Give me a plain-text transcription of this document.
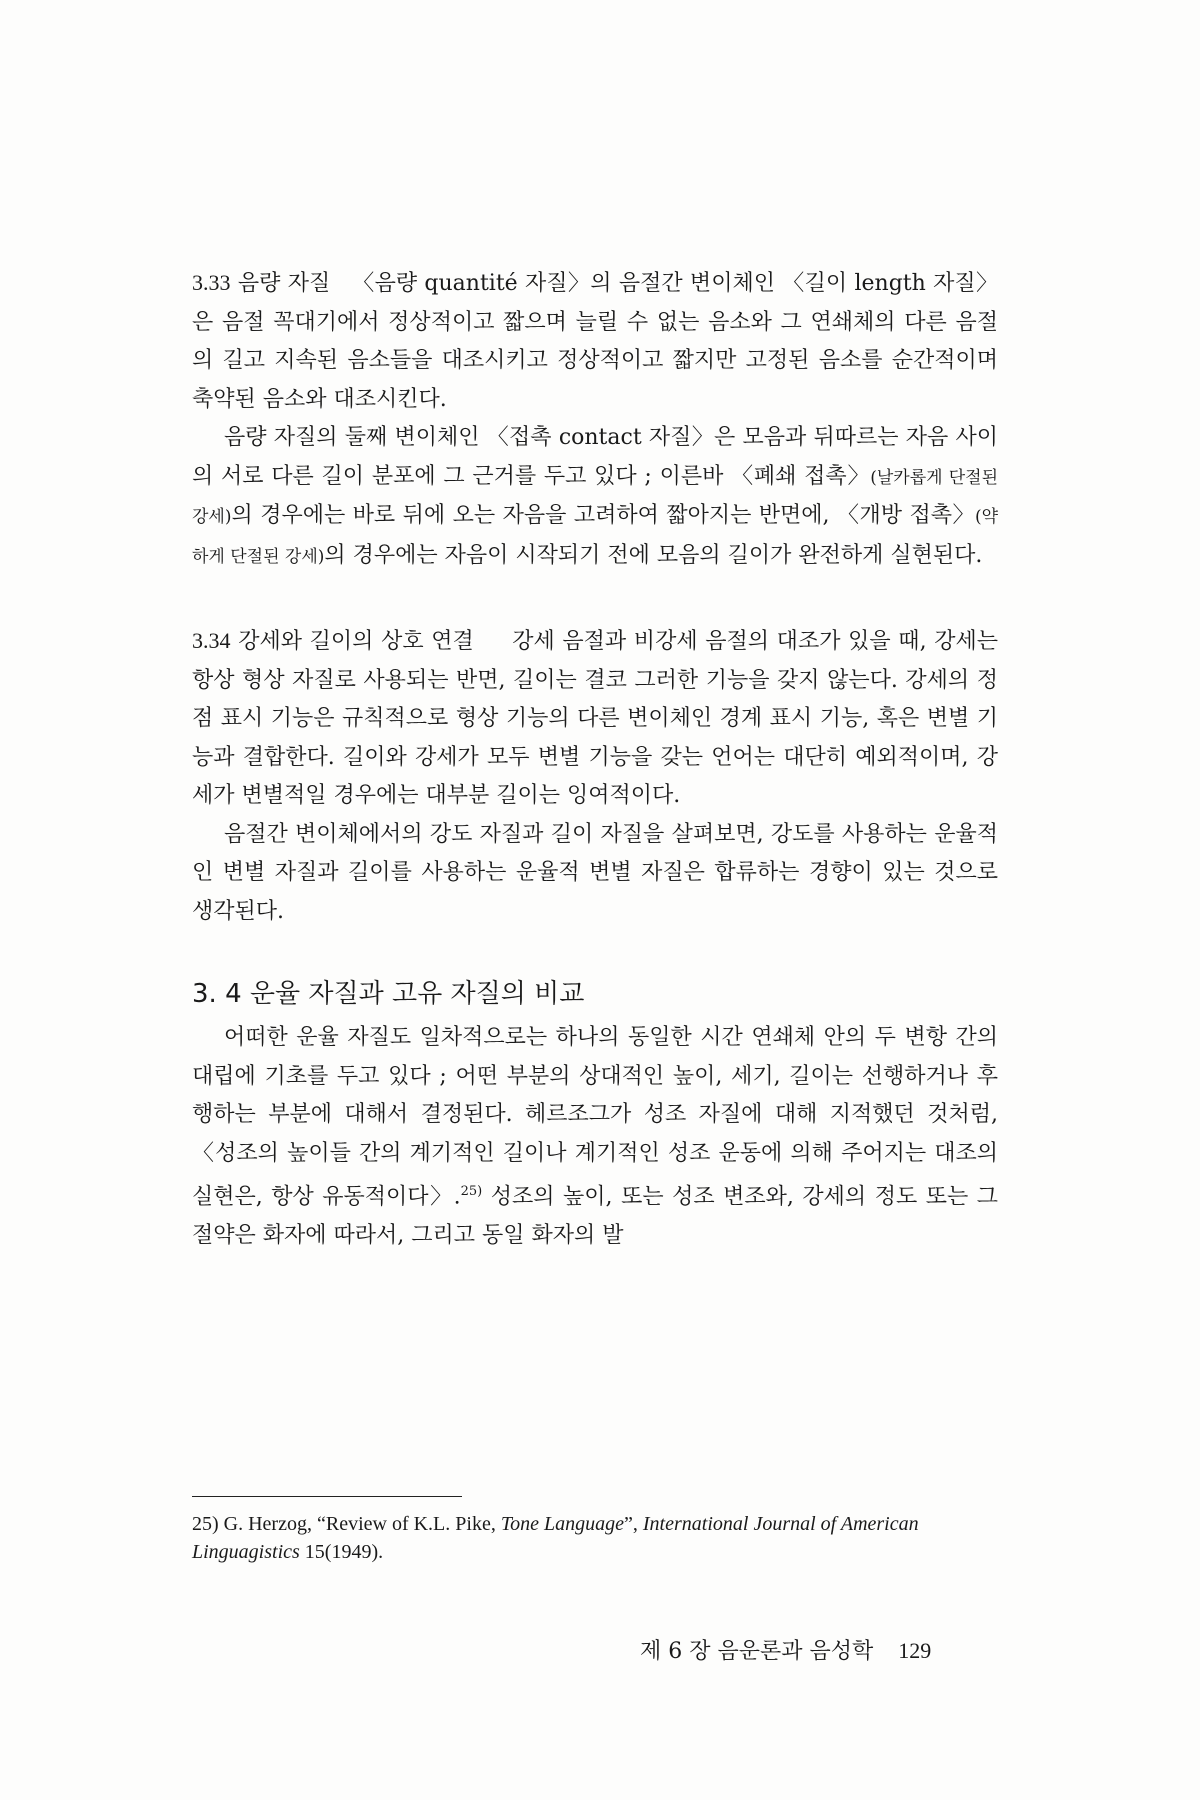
3.33 음량 자질 〈음량 quantité 자질〉의 음절간 변이체인 〈길이 length 자질〉은 음절 꼭대기에서 정상적이고 짧으며 늘릴 수 없는 음소와 그 연쇄체의 다른 음절의 길고 지속된 음소들을 대조시키고 정상적이고 짧지만 고정된 음소를 순간적이며 축약된 음소와 대조시킨다.

음량 자질의 둘째 변이체인 〈접촉 contact 자질〉은 모음과 뒤따르는 자음 사이의 서로 다른 길이 분포에 그 근거를 두고 있다 ; 이른바 〈폐쇄 접촉〉(날카롭게 단절된 강세)의 경우에는 바로 뒤에 오는 자음을 고려하여 짧아지는 반면에, 〈개방 접촉〉(약하게 단절된 강세)의 경우에는 자음이 시작되기 전에 모음의 길이가 완전하게 실현된다.

3.34 강세와 길이의 상호 연결 강세 음절과 비강세 음절의 대조가 있을 때, 강세는 항상 형상 자질로 사용되는 반면, 길이는 결코 그러한 기능을 갖지 않는다. 강세의 정점 표시 기능은 규칙적으로 형상 기능의 다른 변이체인 경계 표시 기능, 혹은 변별 기능과 결합한다. 길이와 강세가 모두 변별 기능을 갖는 언어는 대단히 예외적이며, 강세가 변별적일 경우에는 대부분 길이는 잉여적이다.

음절간 변이체에서의 강도 자질과 길이 자질을 살펴보면, 강도를 사용하는 운율적인 변별 자질과 길이를 사용하는 운율적 변별 자질은 합류하는 경향이 있는 것으로 생각된다.

3. 4 운율 자질과 고유 자질의 비교

어떠한 운율 자질도 일차적으로는 하나의 동일한 시간 연쇄체 안의 두 변항 간의 대립에 기초를 두고 있다 ; 어떤 부분의 상대적인 높이, 세기, 길이는 선행하거나 후행하는 부분에 대해서 결정된다. 헤르조그가 성조 자질에 대해 지적했던 것처럼, 〈성조의 높이들 간의 계기적인 길이나 계기적인 성조 운동에 의해 주어지는 대조의 실현은, 항상 유동적이다〉.$^{25)}$ 성조의 높이, 또는 성조 변조와, 강세의 정도 또는 그 절약은 화자에 따라서, 그리고 동일 화자의 발

25) G. Herzog, “Review of K.L. Pike, Tone Language”, International Journal of American Linguagistics 15(1949).

제 6 장 음운론과 음성학 129
